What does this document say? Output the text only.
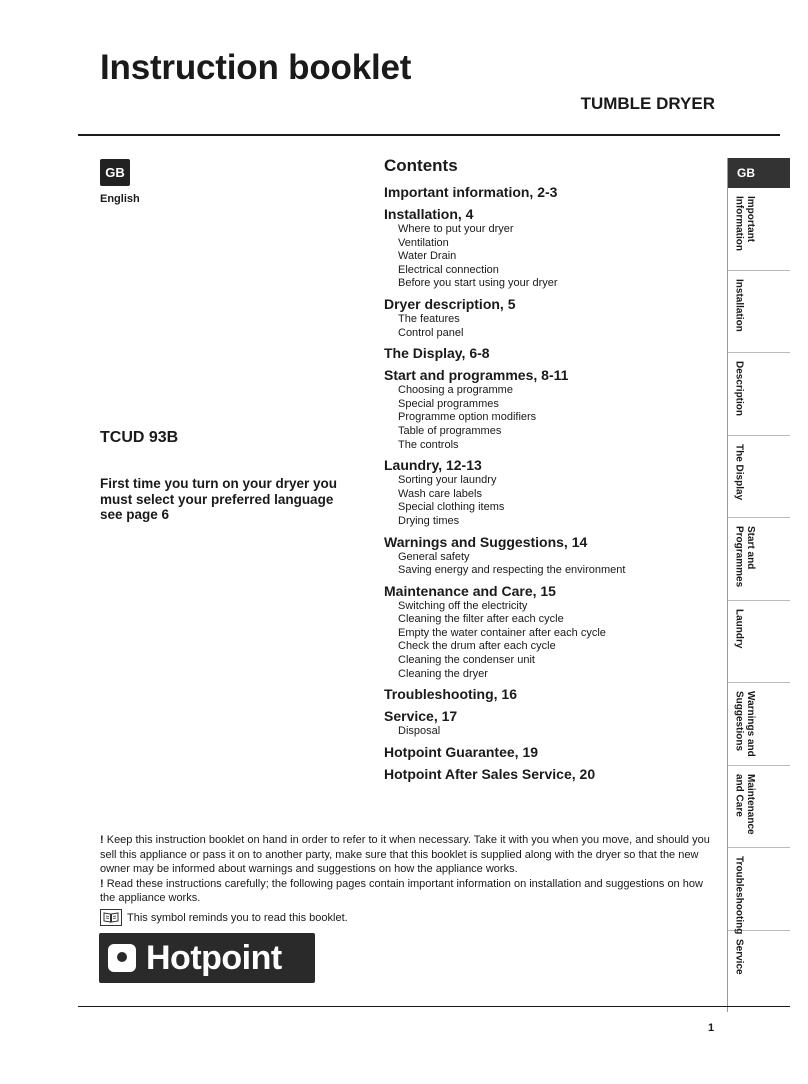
Instruction booklet
TUMBLE DRYER
GB
English
TCUD 93B
First time you turn on your dryer you must select your preferred language see page 6
Contents
Important information, 2-3
Installation, 4
Where to put your dryer
Ventilation
Water Drain
Electrical connection
Before you start using your dryer
Dryer description, 5
The features
Control panel
The Display, 6-8
Start and programmes, 8-11
Choosing a programme
Special programmes
Programme option modifiers
Table of programmes
The controls
Laundry, 12-13
Sorting your laundry
Wash care labels
Special clothing items
Drying times
Warnings and Suggestions, 14
General safety
Saving energy and respecting the environment
Maintenance and Care, 15
Switching off the electricity
Cleaning the filter after each cycle
Empty the water container after each cycle
Check the drum after each cycle
Cleaning the condenser unit
Cleaning the dryer
Troubleshooting, 16
Service, 17
Disposal
Hotpoint Guarantee, 19
Hotpoint After Sales Service, 20
GB
Important
Information
Installation
Description
The Display
Start and
Programmes
Laundry
Warnings and
Suggestions
Maintenance
and Care
Troubleshooting
Service

! Keep this instruction booklet on hand in order to refer to it when necessary. Take it with you when you move, and should you sell this appliance or pass it on to another party, make sure that this booklet is supplied along with the dryer so that the new owner may be informed about warnings and suggestions on how the appliance works.

! Read these instructions carefully; the following pages contain important information on installation and suggestions on how the appliance works.

This symbol reminds you to read this booklet.
Hotpoint
1
